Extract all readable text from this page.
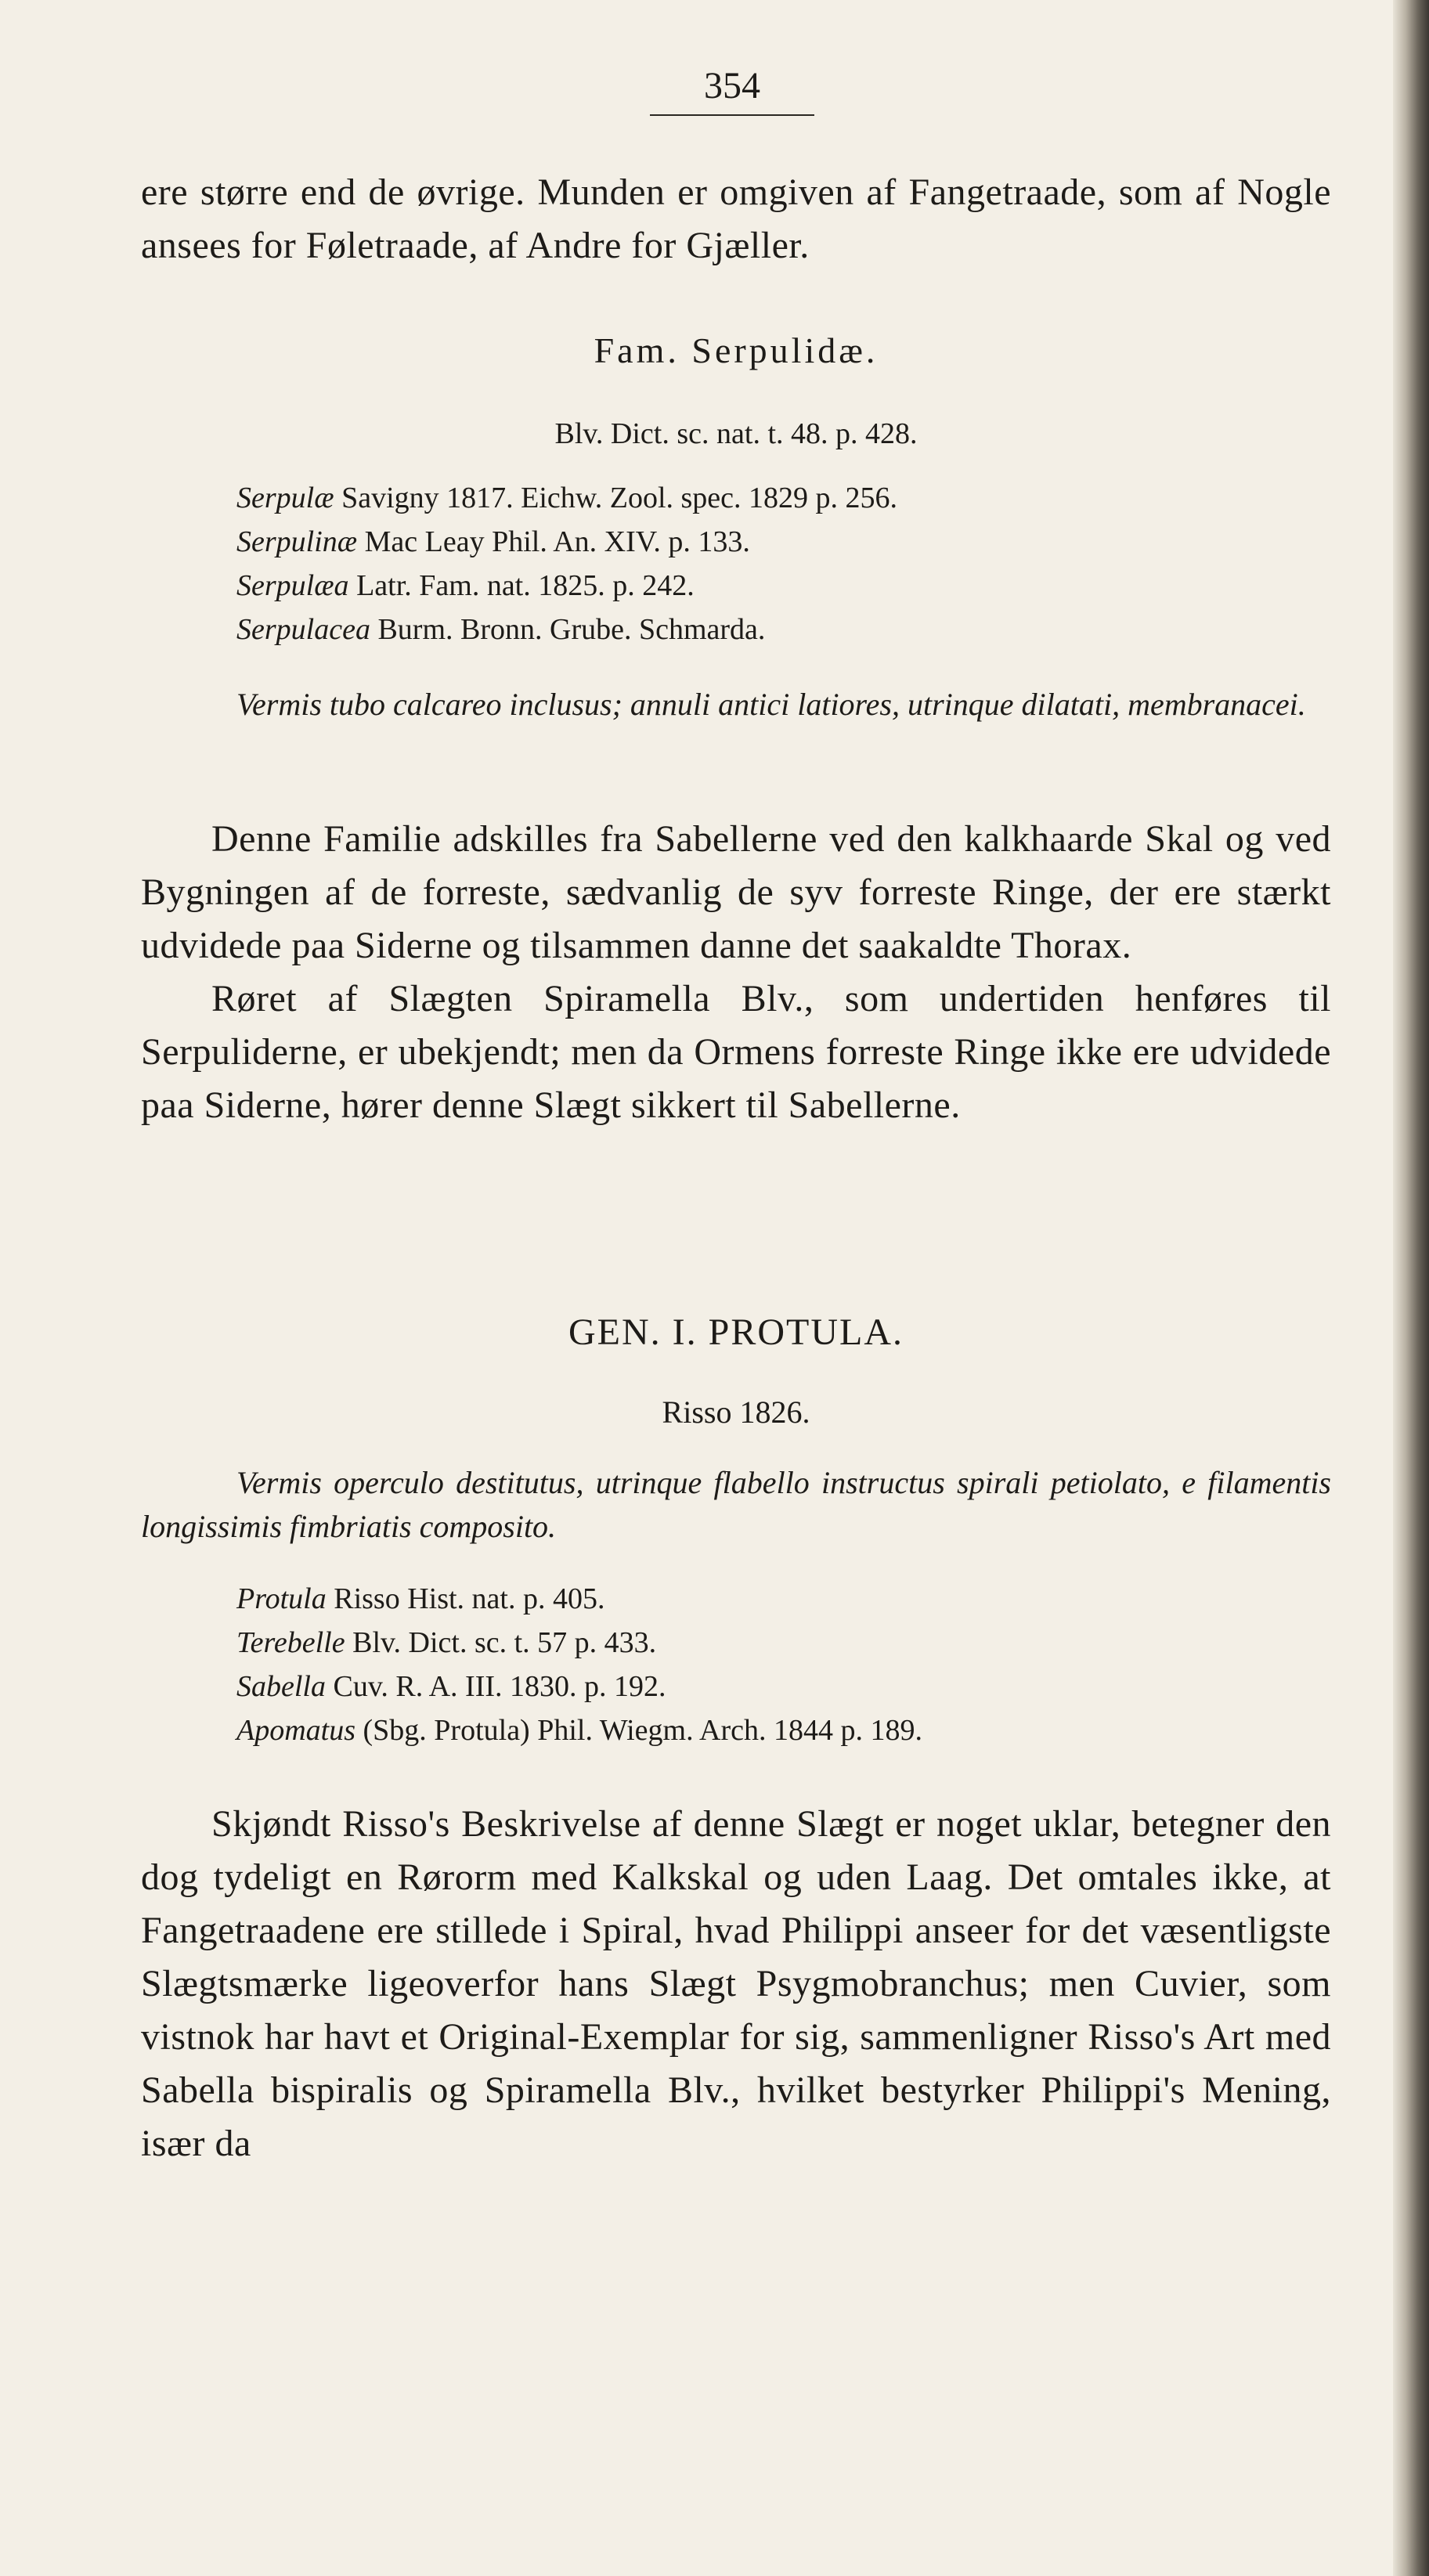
354

ere større end de øvrige. Munden er omgiven af Fangetraade, som af Nogle ansees for Føletraade, af Andre for Gjæller.

Fam. Serpulidæ.
Blv. Dict. sc. nat. t. 48. p. 428.
Serpulæ Savigny 1817. Eichw. Zool. spec. 1829 p. 256.
Serpulinæ Mac Leay Phil. An. XIV. p. 133.
Serpulæa Latr. Fam. nat. 1825. p. 242.
Serpulacea Burm. Bronn. Grube. Schmarda.

Vermis tubo calcareo inclusus; annuli antici latiores, utrinque dilatati, membranacei.

Denne Familie adskilles fra Sabellerne ved den kalkhaarde Skal og ved Bygningen af de forreste, sædvanlig de syv forreste Ringe, der ere stærkt udvidede paa Siderne og tilsammen danne det saakaldte Thorax.

Røret af Slægten Spiramella Blv., som undertiden henføres til Serpuliderne, er ubekjendt; men da Ormens forreste Ringe ikke ere udvidede paa Siderne, hører denne Slægt sikkert til Sabellerne.

GEN. I. PROTULA.
Risso 1826.

Vermis operculo destitutus, utrinque flabello instructus spirali petiolato, e filamentis longissimis fimbriatis composito.

Protula Risso Hist. nat. p. 405.
Terebelle Blv. Dict. sc. t. 57 p. 433.
Sabella Cuv. R. A. III. 1830. p. 192.
Apomatus (Sbg. Protula) Phil. Wiegm. Arch. 1844 p. 189.

Skjøndt Risso's Beskrivelse af denne Slægt er noget uklar, betegner den dog tydeligt en Rørorm med Kalkskal og uden Laag. Det omtales ikke, at Fangetraadene ere stillede i Spiral, hvad Philippi anseer for det væsentligste Slægtsmærke ligeoverfor hans Slægt Psygmobranchus; men Cuvier, som vistnok har havt et Original-Exemplar for sig, sammenligner Risso's Art med Sabella bispiralis og Spiramella Blv., hvilket bestyrker Philippi's Mening, især da
